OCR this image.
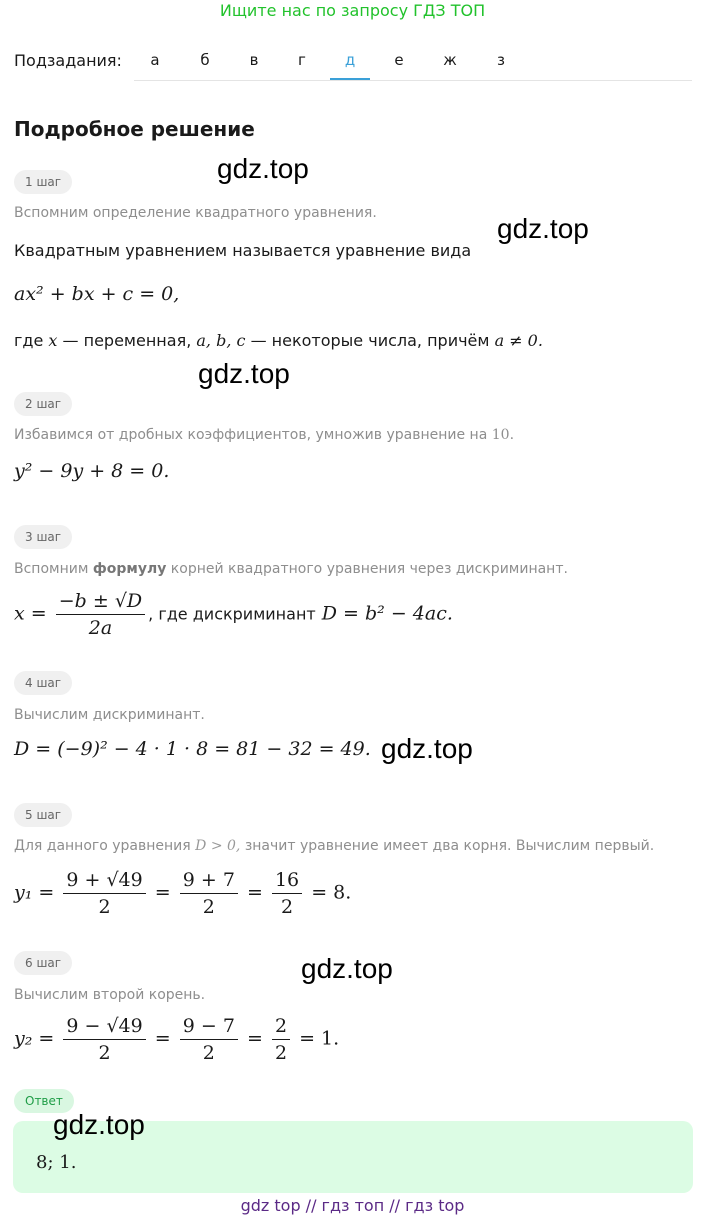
Ищите нас по запросу ГДЗ ТОП
Подзадания:	а	б	в	г	д	е	ж	з
Подробное решение
1 шаг
Вспомним определение квадратного уравнения.
Квадратным уравнением называется уравнение вида
ax² + bx + c = 0,
где x — переменная, a, b, c — некоторые числа, причём a ≠ 0.
2 шаг
Избавимся от дробных коэффициентов, умножив уравнение на 10.
y² − 9y + 8 = 0.
3 шаг
Вспомним формулу корней квадратного уравнения через дискриминант.
$x = \frac{-b \pm √D}{2a}$ , где дискриминант D = b² − 4ac.
4 шаг
Вычислим дискриминант.
D = (−9)² − 4 · 1 · 8 = 81 − 32 = 49.
5 шаг
Для данного уравнения D > 0, значит уравнение имеет два корня. Вычислим первый.
$y_1 = \frac{9 + √49}{2} = \frac{9 + 7}{2} = \frac{16}{2} = 8$.
6 шаг
Вычислим второй корень.
$y_2 = \frac{9 - √49}{2} = \frac{9 - 7}{2} = \frac{2}{2} = 1$.
Ответ
8; 1.
gdz.top
gdz.top
gdz.top
gdz.top
gdz.top
gdz.top
gdz top // гдз топ // гдз top
